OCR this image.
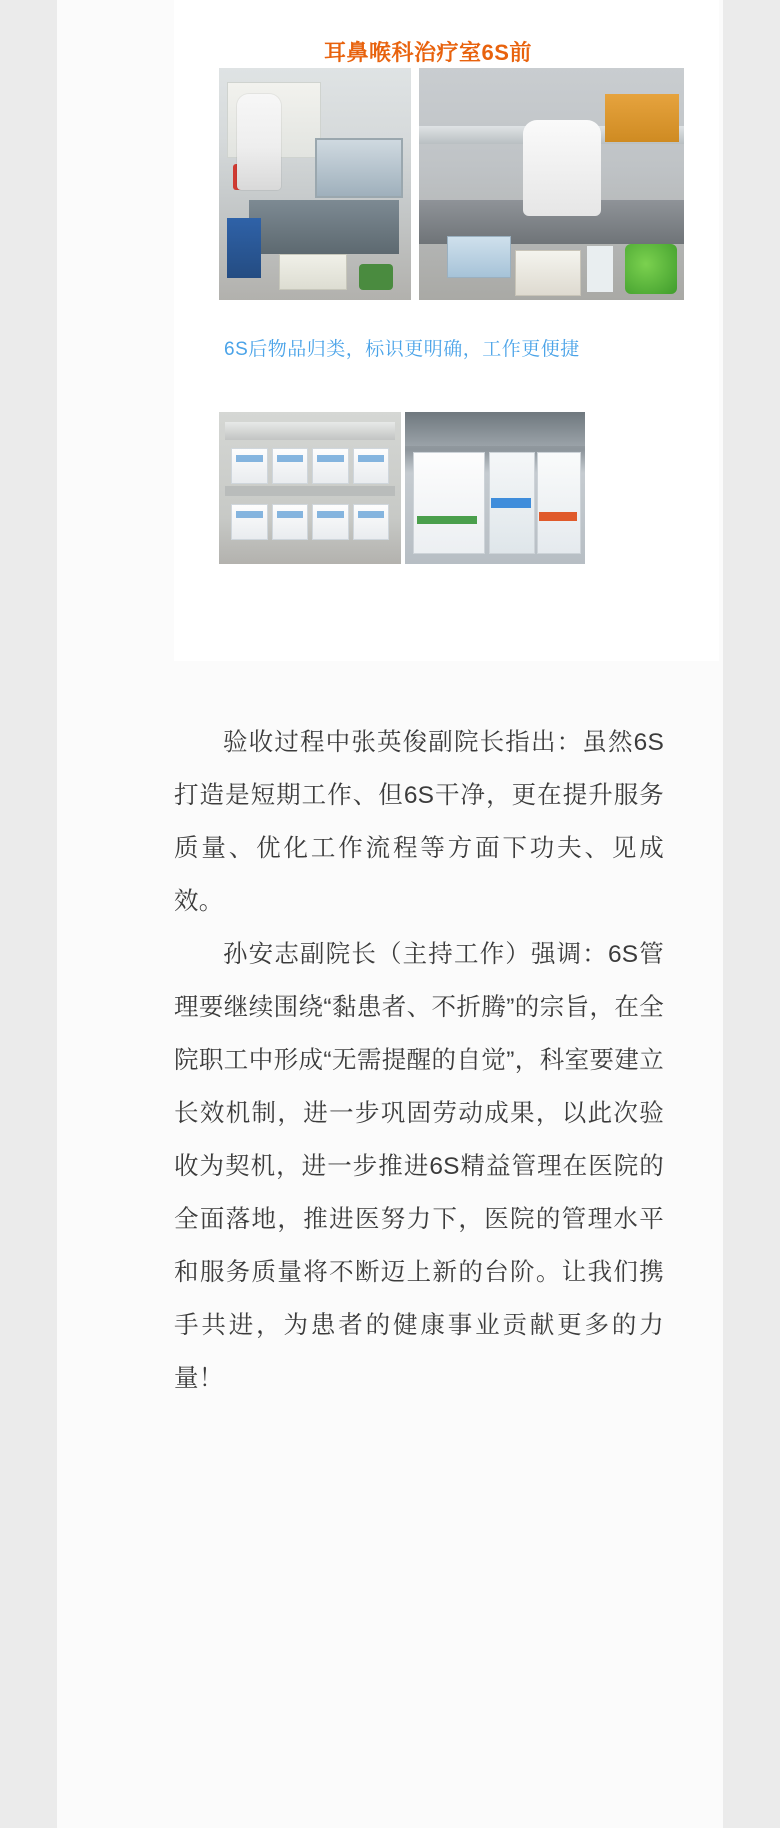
耳鼻喉科治疗室6S前
6S后物品归类，标识更明确，工作更便捷

验收过程中张英俊副院长指出：虽然6S打造是短期工作、但6S干净，更在提升服务质量、优化工作流程等方面下功夫、见成效。

孙安志副院长（主持工作）强调：6S管理要继续围绕“黏患者、不折腾”的宗旨，在全院职工中形成“无需提醒的自觉”，科室要建立长效机制，进一步巩固劳动成果，以此次验收为契机，进一步推进6S精益管理在医院的全面落地，推进医努力下，医院的管理水平和服务质量将不断迈上新的台阶。让我们携手共进，为患者的健康事业贡献更多的力量！
